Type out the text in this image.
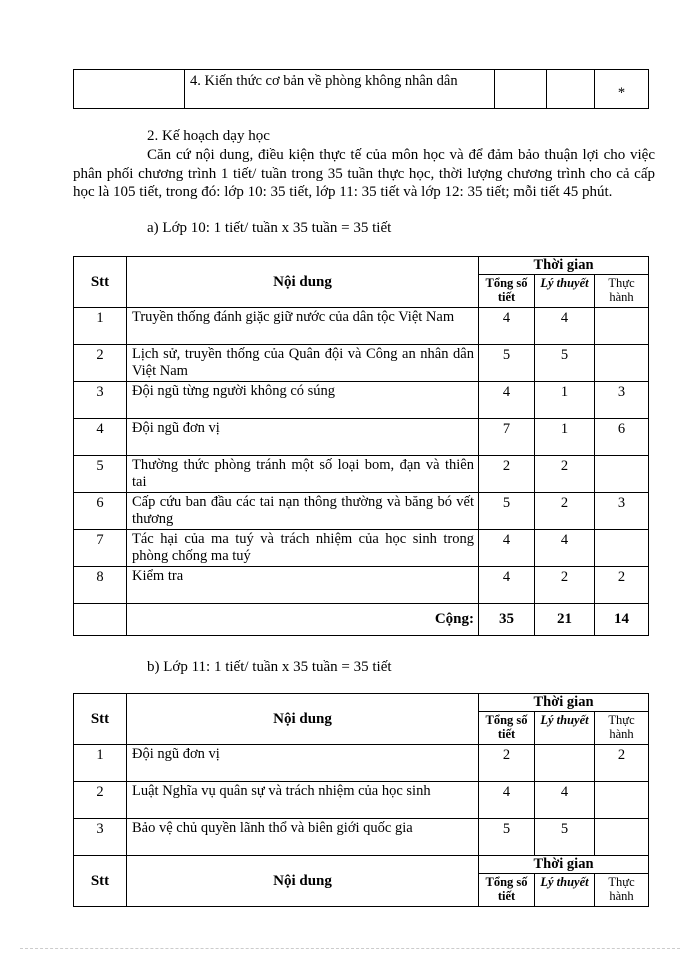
	4. Kiến thức cơ bản về phòng không nhân dân			*
2. Kế hoạch dạy học
Căn cứ nội dung, điều kiện thực tế của môn học và để đảm bảo thuận lợi cho việc phân phối chương trình 1 tiết/ tuần trong 35 tuần thực học, thời lượng chương trình cho cả cấp học là 105 tiết, trong đó: lớp 10: 35 tiết, lớp 11: 35 tiết và lớp 12: 35 tiết; mỗi tiết 45 phút.
a) Lớp 10: 1 tiết/ tuần x 35 tuần = 35 tiết
Stt	Nội dung	Thời gian		
		Tổng số tiết	Lý thuyết	Thực hành
1	Truyền thống đánh giặc giữ nước của dân tộc Việt Nam	4	4	
2	Lịch sử, truyền thống của Quân đội và Công an nhân dân Việt Nam	5	5	
3	Đội ngũ từng người không có súng	4	1	3
4	Đội ngũ đơn vị	7	1	6
5	Thường thức phòng tránh một số loại bom, đạn và thiên tai	2	2	
6	Cấp cứu ban đầu các tai nạn thông thường và băng bó vết thương	5	2	3
7	Tác hại của ma tuý và trách nhiệm của học sinh trong phòng chống ma tuý	4	4	
8	Kiểm tra	4	2	2
	Cộng:	35	21	14
b) Lớp 11: 1 tiết/ tuần x 35 tuần = 35 tiết
Stt	Nội dung	Thời gian		
		Tổng số tiết	Lý thuyết	Thực hành
1	Đội ngũ đơn vị	2		2
2	Luật Nghĩa vụ quân sự và trách nhiệm của học sinh	4	4	
3	Bảo vệ chủ quyền lãnh thổ và biên giới quốc gia	5	5	
Stt	Nội dung	Thời gian		
		Tổng số tiết	Lý thuyết	Thực hành
